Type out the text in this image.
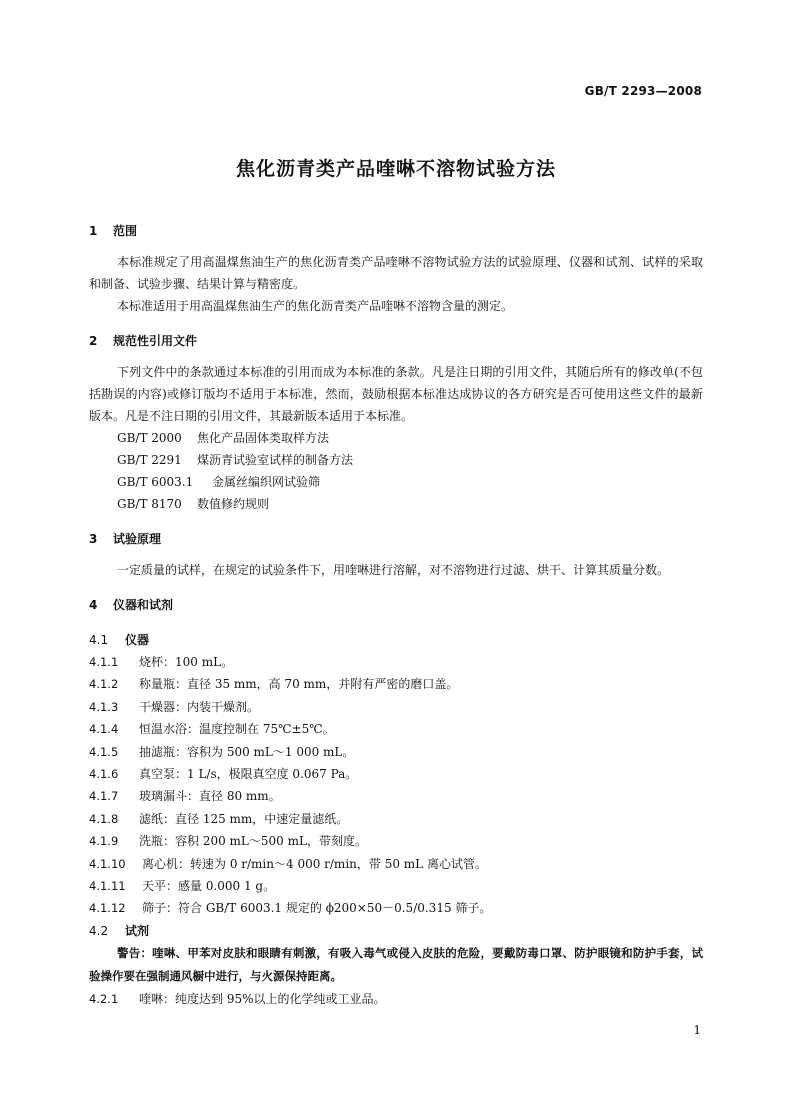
GB/T 2293—2008
焦化沥青类产品喹啉不溶物试验方法
1 范围

本标准规定了用高温煤焦油生产的焦化沥青类产品喹啉不溶物试验方法的试验原理、仪器和试剂、试样的采取和制备、试验步骤、结果计算与精密度。

本标准适用于用高温煤焦油生产的焦化沥青类产品喹啉不溶物含量的测定。

2 规范性引用文件

下列文件中的条款通过本标准的引用而成为本标准的条款。凡是注日期的引用文件，其随后所有的修改单(不包括勘误的内容)或修订版均不适用于本标准，然而，鼓励根据本标准达成协议的各方研究是否可使用这些文件的最新版本。凡是不注日期的引用文件，其最新版本适用于本标准。

GB/T 2000 焦化产品固体类取样方法
GB/T 2291 煤沥青试验室试样的制备方法
GB/T 6003.1 金属丝编织网试验筛
GB/T 8170 数值修约规则
3 试验原理

一定质量的试样，在规定的试验条件下，用喹啉进行溶解，对不溶物进行过滤、烘干、计算其质量分数。

4 仪器和试剂
4.1 仪器
4.1.1 烧杯：100 mL。
4.1.2 称量瓶：直径 35 mm，高 70 mm，并附有严密的磨口盖。
4.1.3 干燥器：内装干燥剂。
4.1.4 恒温水浴：温度控制在 75℃±5℃。
4.1.5 抽滤瓶：容积为 500 mL～1 000 mL。
4.1.6 真空泵：1 L/s，极限真空度 0.067 Pa。
4.1.7 玻璃漏斗：直径 80 mm。
4.1.8 滤纸：直径 125 mm，中速定量滤纸。
4.1.9 洗瓶：容积 200 mL～500 mL，带刻度。
4.1.10 离心机：转速为 0 r/min～4 000 r/min，带 50 mL 离心试管。
4.1.11 天平：感量 0.000 1 g。
4.1.12 筛子：符合 GB/T 6003.1 规定的 ϕ200×50－0.5/0.315 筛子。
4.2 试剂

警告：喹啉、甲苯对皮肤和眼睛有刺激，有吸入毒气或侵入皮肤的危险，要戴防毒口罩、防护眼镜和防护手套，试验操作要在强制通风橱中进行，与火源保持距离。

4.2.1 喹啉：纯度达到 95%以上的化学纯或工业品。
1
